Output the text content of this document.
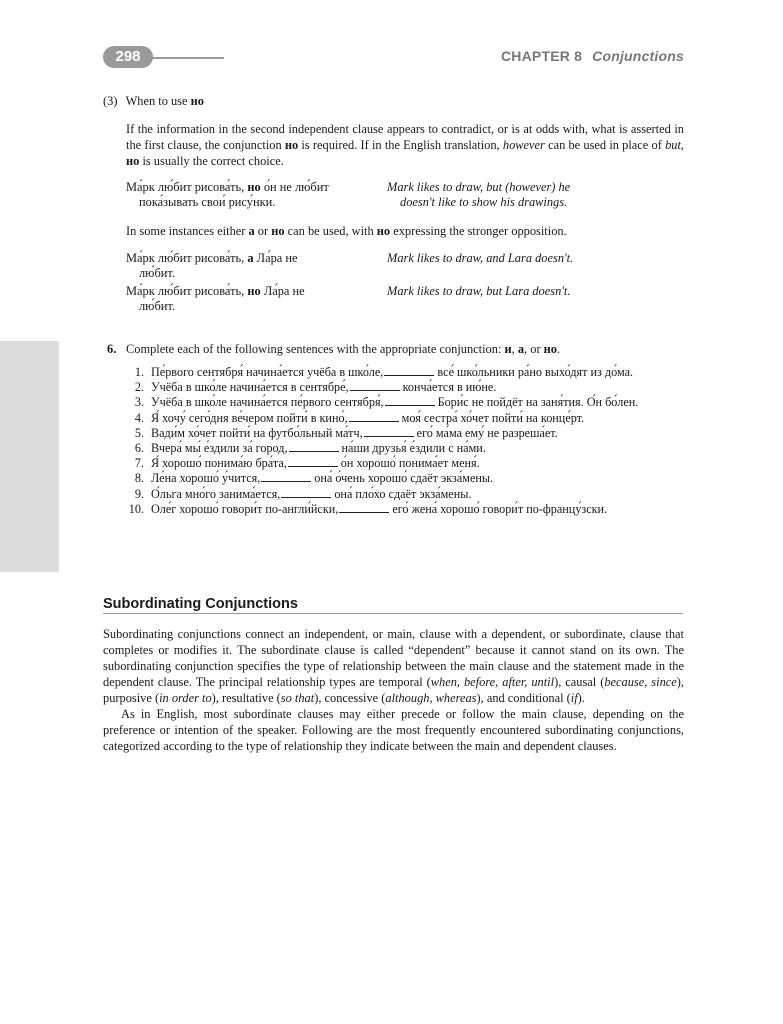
298	CHAPTER 8 Conjunctions
(3) When to use но
If the information in the second independent clause appears to contradict, or is at odds with, what is asserted in the first clause, the conjunction но is required. If in the English translation, however can be used in place of but, но is usually the correct choice.
Ма́рк лю́бит рисова́ть, но о́н не лю́бит
пока́зывать свои́ рису́нки.
Mark likes to draw, but (however) he
doesn't like to show his drawings.
In some instances either а or но can be used, with но expressing the stronger opposition.
Ма́рк лю́бит рисова́ть, а Ла́ра не
лю́бит.
Mark likes to draw, and Lara doesn't.
Ма́рк лю́бит рисова́ть, но Ла́ра не
лю́бит.
Mark likes to draw, but Lara doesn't.
6. Complete each of the following sentences with the appropriate conjunction: и, а, or но.
1. Пе́рвого сентября́ начина́ется учёба в шко́ле,	все́ шко́льники ра́но выхо́дят из до́ма.
2. Учёба в шко́ле начина́ется в сентябре́,	конча́ется в ию́не.
3. Учёба в шко́ле начина́ется пе́рвого сентября́,	Бори́с не пойдёт на заня́тия. О́н бо́лен.
4. Я́ хочу́ сего́дня ве́чером пойти́ в кино́,	моя́ сестра́ хо́чет пойти́ на конце́рт.
5. Вади́м хо́чет пойти́ на футбо́льный ма́тч,	его́ ма́ма ему́ не разреша́ет.
6. Вчера́ мы́ е́здили за́ город,	на́ши друзья́ е́здили с на́ми.
7. Я́ хорошо́ понима́ю бра́та,	о́н хорошо́ понима́ет меня́.
8. Ле́на хорошо́ у́чится,	она́ о́чень хорошо́ сдаёт экза́мены.
9. О́льга мно́го занима́ется,	она́ пло́хо сдаёт экза́мены.
10. Оле́г хорошо́ говори́т по-англи́йски,	его́ жена́ хорошо́ говори́т по-францу́зски.
Subordinating Conjunctions

Subordinating conjunctions connect an independent, or main, clause with a dependent, or subordinate, clause that completes or modifies it. The subordinate clause is called “dependent” because it cannot stand on its own. The subordinating conjunction specifies the type of relationship between the main clause and the statement made in the dependent clause. The principal relationship types are temporal (when, before, after, until), causal (because, since), purposive (in order to), resultative (so that), concessive (although, whereas), and conditional (if).

As in English, most subordinate clauses may either precede or follow the main clause, depending on the preference or intention of the speaker. Following are the most frequently encountered subordinating conjunctions, categorized according to the type of relationship they indicate between the main and dependent clauses.
